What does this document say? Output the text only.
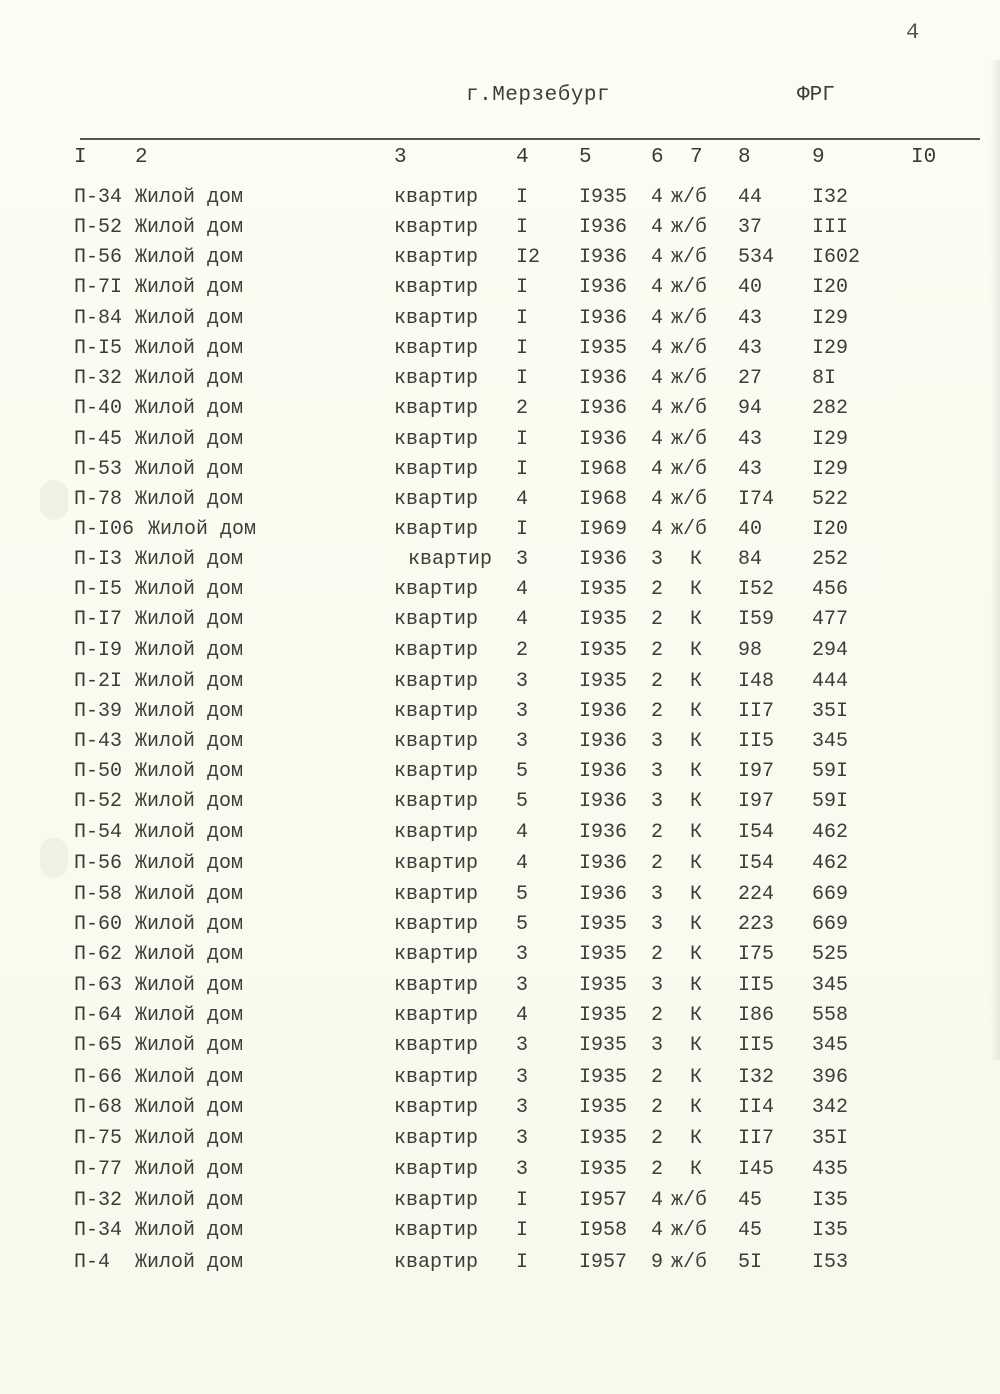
4
г.Мерзебург	ФРГ
I 2	3	4 5	6 7 8	9	I0
П-34 Жилой дом	квартир I	I935 4 ж/б 44 I32
П-52 Жилой дом	квартир I	I936 4 ж/б 37 III
П-56 Жилой дом	квартир I2 I936 4 ж/б 534 I602
П-7I Жилой дом	квартир I	I936 4 ж/б 40 I20
П-84 Жилой дом	квартир I	I936 4 ж/б 43 I29
П-I5 Жилой дом	квартир I	I935 4 ж/б 43 I29
П-32 Жилой дом	квартир I	I936 4 ж/б 27 8I
П-40 Жилой дом	квартир 2	I936 4 ж/б 94 282
П-45 Жилой дом	квартир I	I936 4 ж/б 43 I29
П-53 Жилой дом	квартир I	I968 4 ж/б 43 I29
П-78 Жилой дом	квартир 4	I968 4 ж/б I74 522
П-I06 Жилой дом	квартир I	I969 4 ж/б 40 I20
П-I3 Жилой дом	квартир 3	I936 3 К 84 252
П-I5 Жилой дом	квартир 4	I935 2 К I52 456
П-I7 Жилой дом	квартир 4	I935 2 К I59 477
П-I9 Жилой дом	квартир 2	I935 2 К 98 294
П-2I Жилой дом	квартир 3	I935 2 К I48 444
П-39 Жилой дом	квартир 3	I936 2 К II7 35I
П-43 Жилой дом	квартир 3	I936 3 К II5 345
П-50 Жилой дом	квартир 5	I936 3 К I97 59I
П-52 Жилой дом	квартир 5	I936 3 К I97 59I
П-54 Жилой дом	квартир 4	I936 2 К I54 462
П-56 Жилой дом	квартир 4	I936 2 К I54 462
П-58 Жилой дом	квартир 5	I936 3 К 224 669
П-60 Жилой дом	квартир 5	I935 3 К 223 669
П-62 Жилой дом	квартир 3	I935 2 К I75 525
П-63 Жилой дом	квартир 3	I935 3 К II5 345
П-64 Жилой дом	квартир 4	I935 2 К I86 558
П-65 Жилой дом	квартир 3	I935 3 К II5 345
П-66 Жилой дом	квартир 3	I935 2 К I32 396
П-68 Жилой дом	квартир 3	I935 2 К II4 342
П-75 Жилой дом	квартир 3	I935 2 К II7 35I
П-77 Жилой дом	квартир 3	I935 2 К I45 435
П-32 Жилой дом	квартир I	I957 4 ж/б 45 I35
П-34 Жилой дом	квартир I	I958 4 ж/б 45 I35
П-4 Жилой дом	квартир I	I957 9 ж/б 5I I53
